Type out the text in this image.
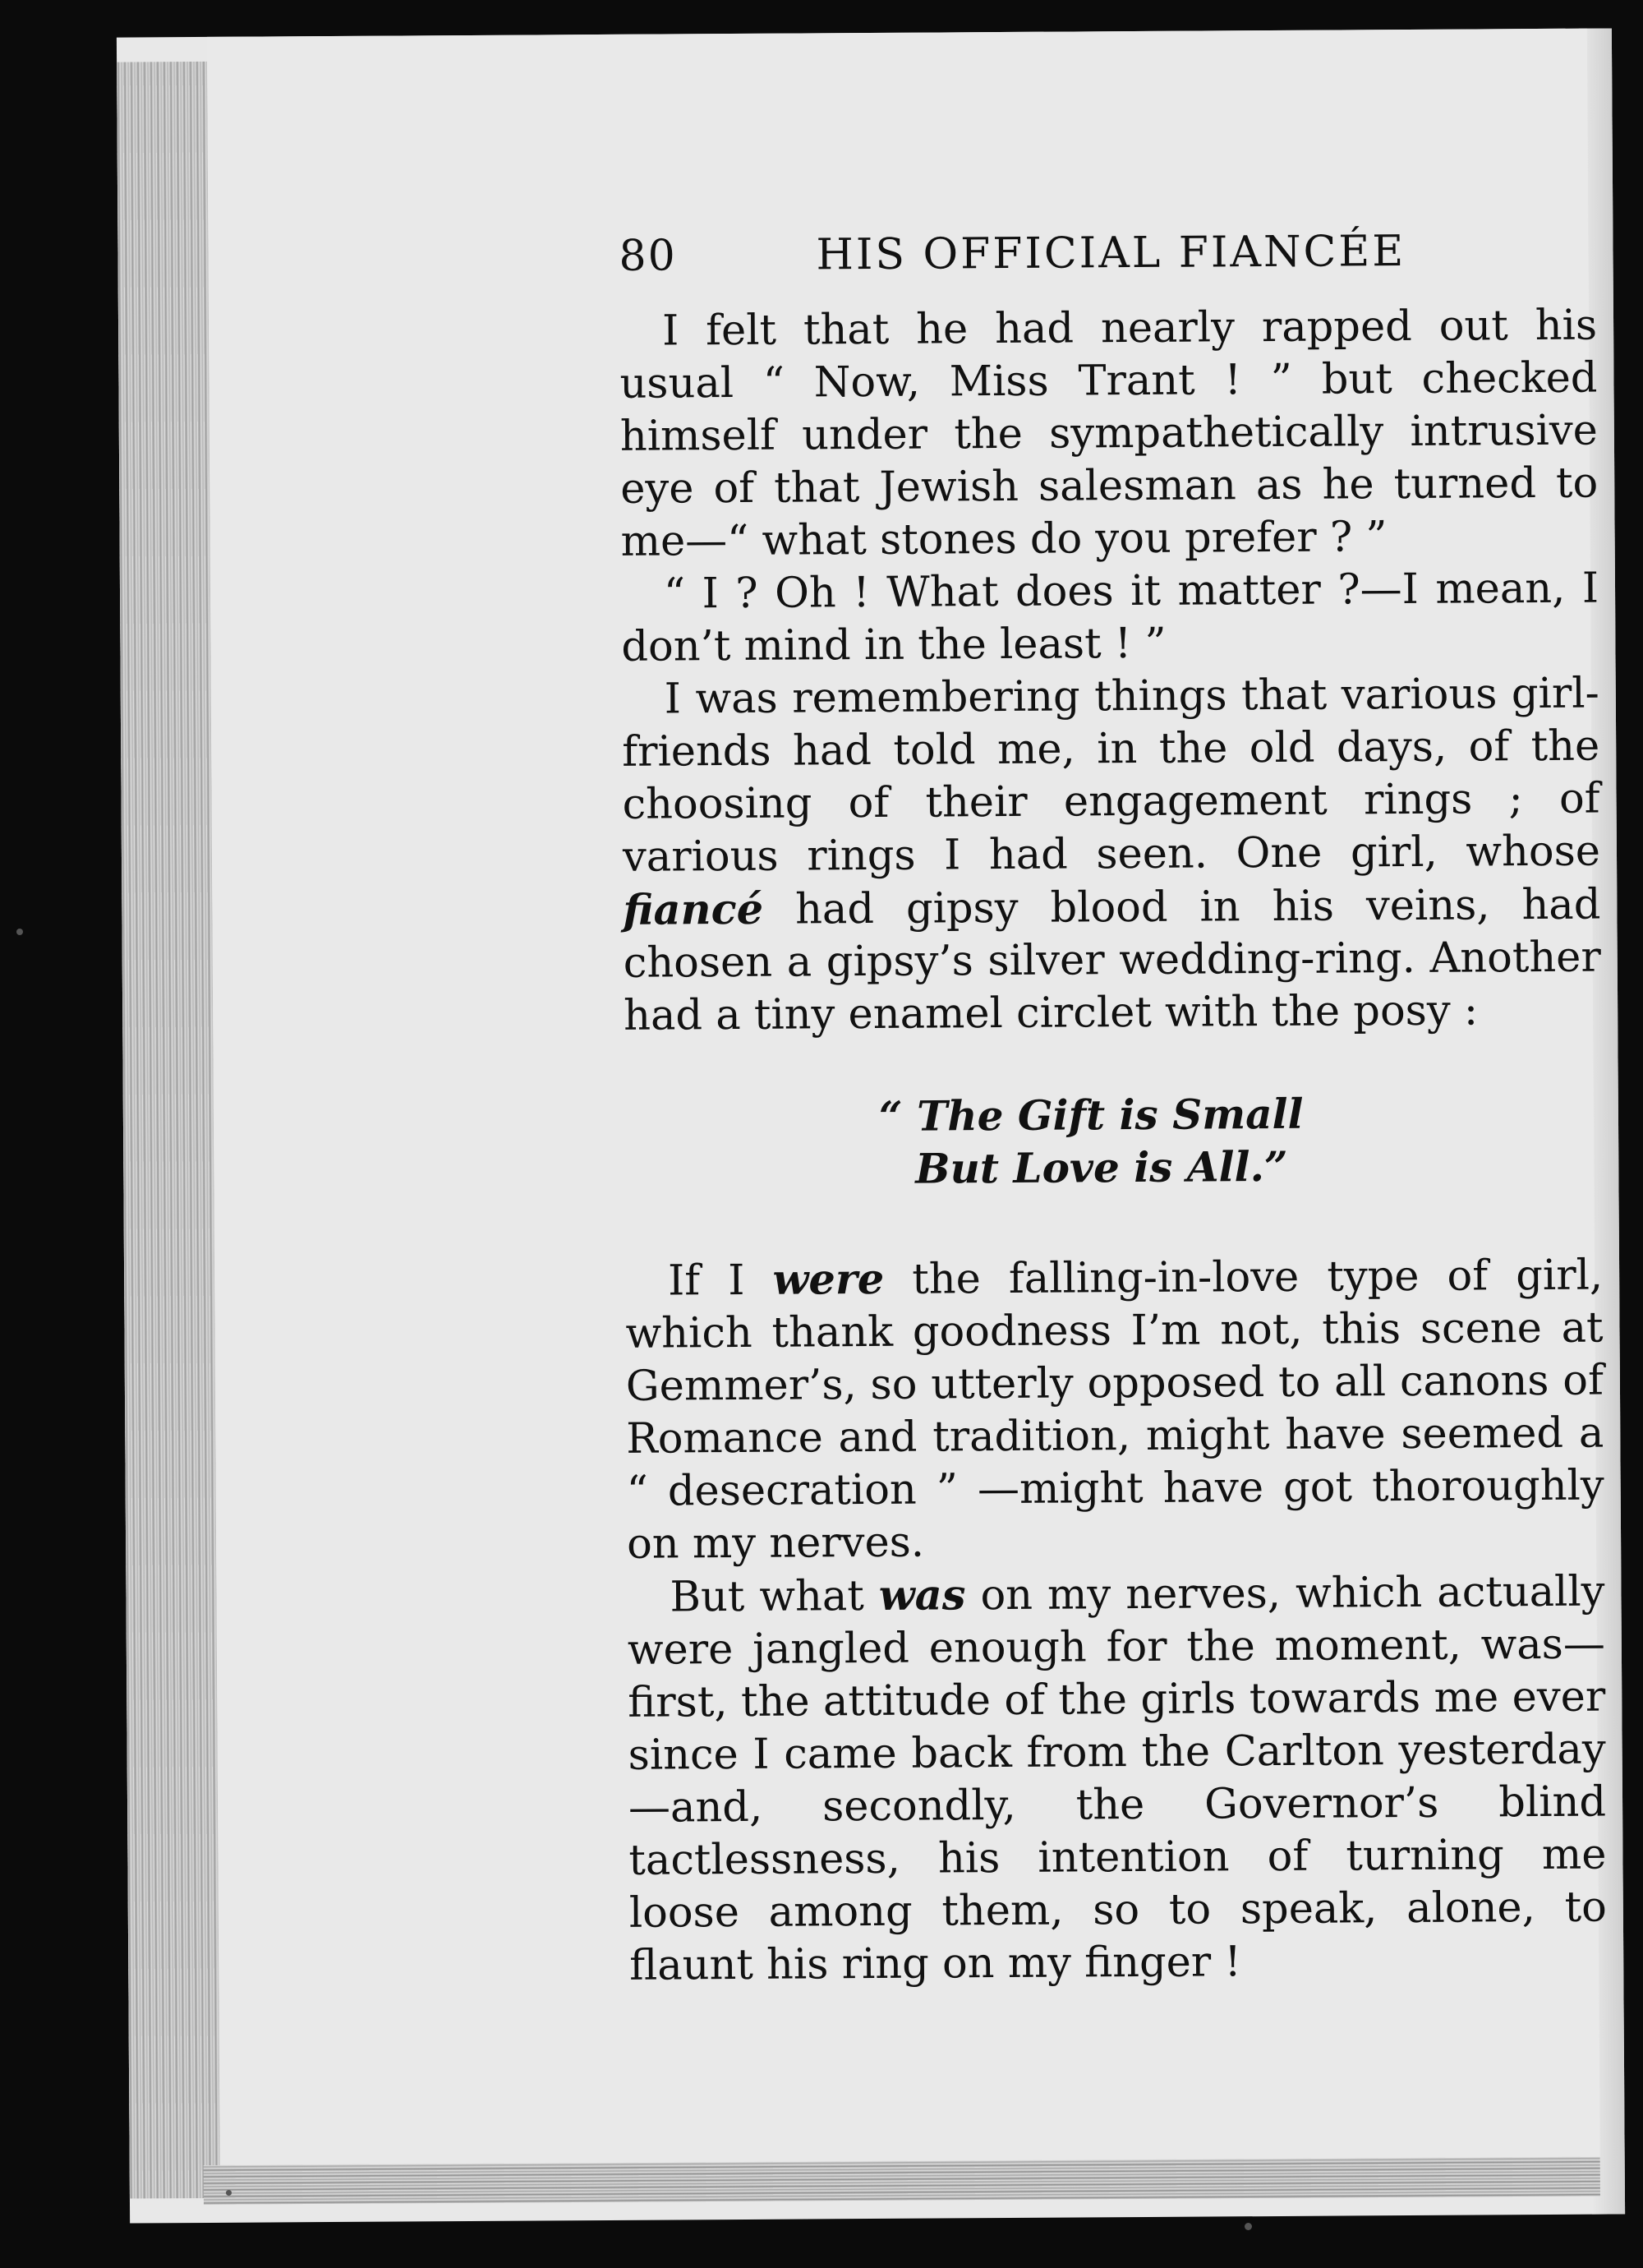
80	HIS OFFICIAL FIANCÉE

I felt that he had nearly rapped out his usual “ Now, Miss Trant ! ” but checked himself under the sympathetically intrusive eye of that Jewish salesman as he turned to me—“ what stones do you prefer ? ”

“ I ? Oh ! What does it matter ?—I mean, I don’t mind in the least ! ”

I was remembering things that various girl-friends had told me, in the old days, of the choosing of their engagement rings ; of various rings I had seen. One girl, whose fiancé had gipsy blood in his veins, had chosen a gipsy’s silver wedding-ring. Another had a tiny enamel circlet with the posy :

“ The Gift is Small
But Love is All.”

If I were the falling-in-love type of girl, which thank goodness I’m not, this scene at Gemmer’s, so utterly opposed to all canons of Romance and tradition, might have seemed a “ desecration ” —might have got thoroughly on my nerves.

But what was on my nerves, which actually were jangled enough for the moment, was—first, the attitude of the girls towards me ever since I came back from the Carlton yesterday—and, secondly, the Governor’s blind tactlessness, his intention of turning me loose among them, so to speak, alone, to flaunt his ring on my finger !
